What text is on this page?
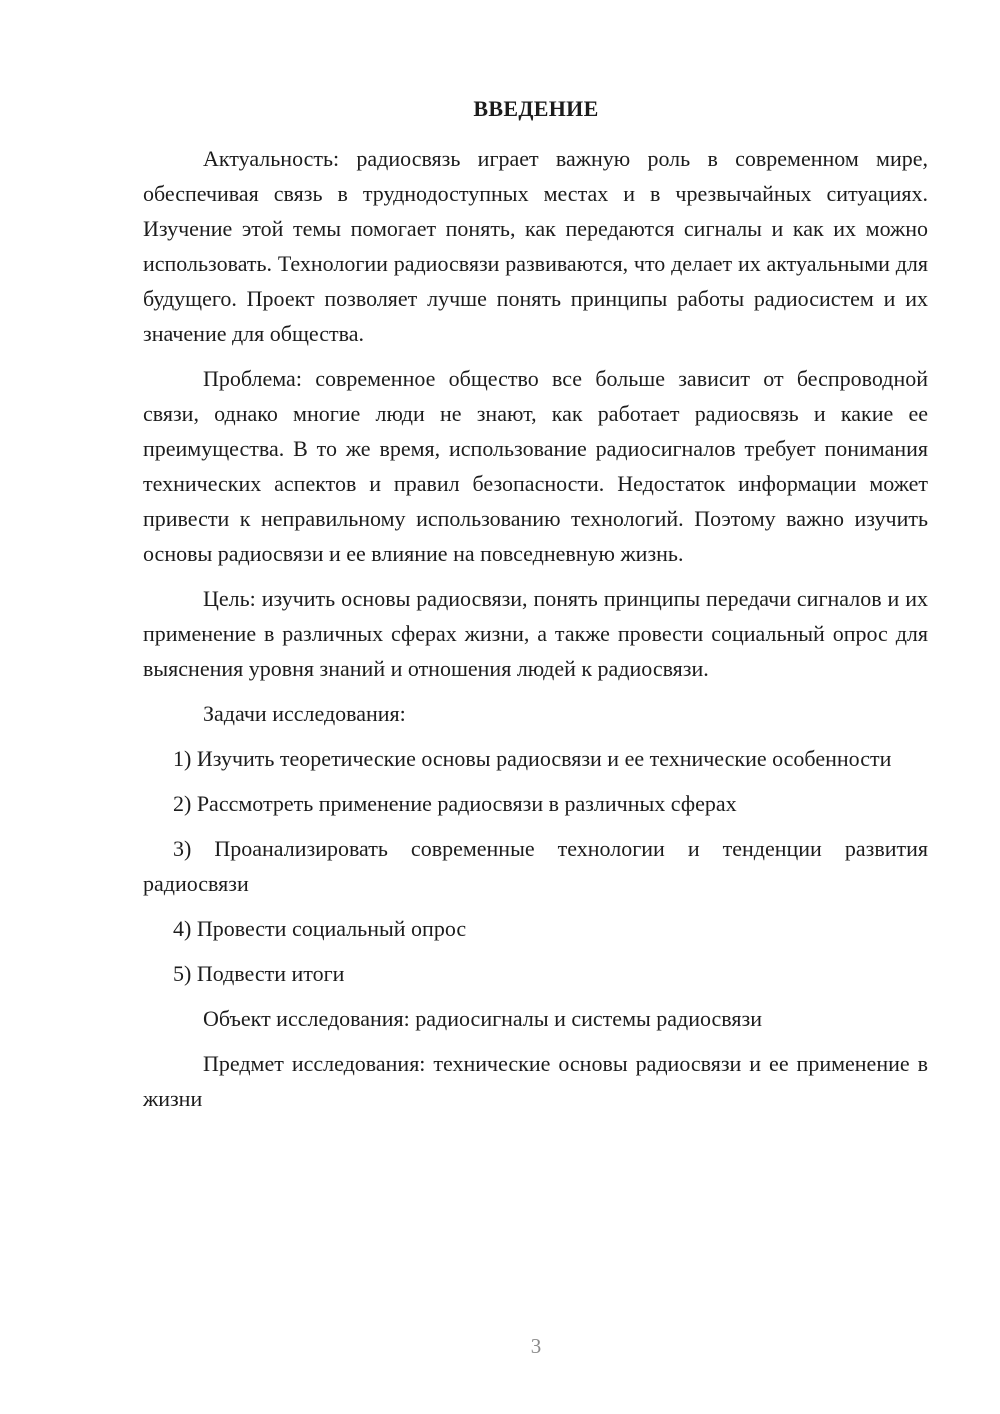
ВВЕДЕНИЕ

Актуальность: радиосвязь играет важную роль в современном мире, обеспечивая связь в труднодоступных местах и в чрезвычайных ситуациях. Изучение этой темы помогает понять, как передаются сигналы и как их можно использовать. Технологии радиосвязи развиваются, что делает их актуальными для будущего. Проект позволяет лучше понять принципы работы радиосистем и их значение для общества.

Проблема: современное общество все больше зависит от беспроводной связи, однако многие люди не знают, как работает радиосвязь и какие ее преимущества. В то же время, использование радиосигналов требует понимания технических аспектов и правил безопасности. Недостаток информации может привести к неправильному использованию технологий. Поэтому важно изучить основы радиосвязи и ее влияние на повседневную жизнь.

Цель: изучить основы радиосвязи, понять принципы передачи сигналов и их применение в различных сферах жизни, а также провести социальный опрос для выяснения уровня знаний и отношения людей к радиосвязи.

Задачи исследования:

1) Изучить теоретические основы радиосвязи и ее технические особенности

2) Рассмотреть применение радиосвязи в различных сферах

3) Проанализировать современные технологии и тенденции развития радиосвязи

4) Провести социальный опрос

5) Подвести итоги

Объект исследования: радиосигналы и системы радиосвязи

Предмет исследования: технические основы радиосвязи и ее применение в жизни

3
